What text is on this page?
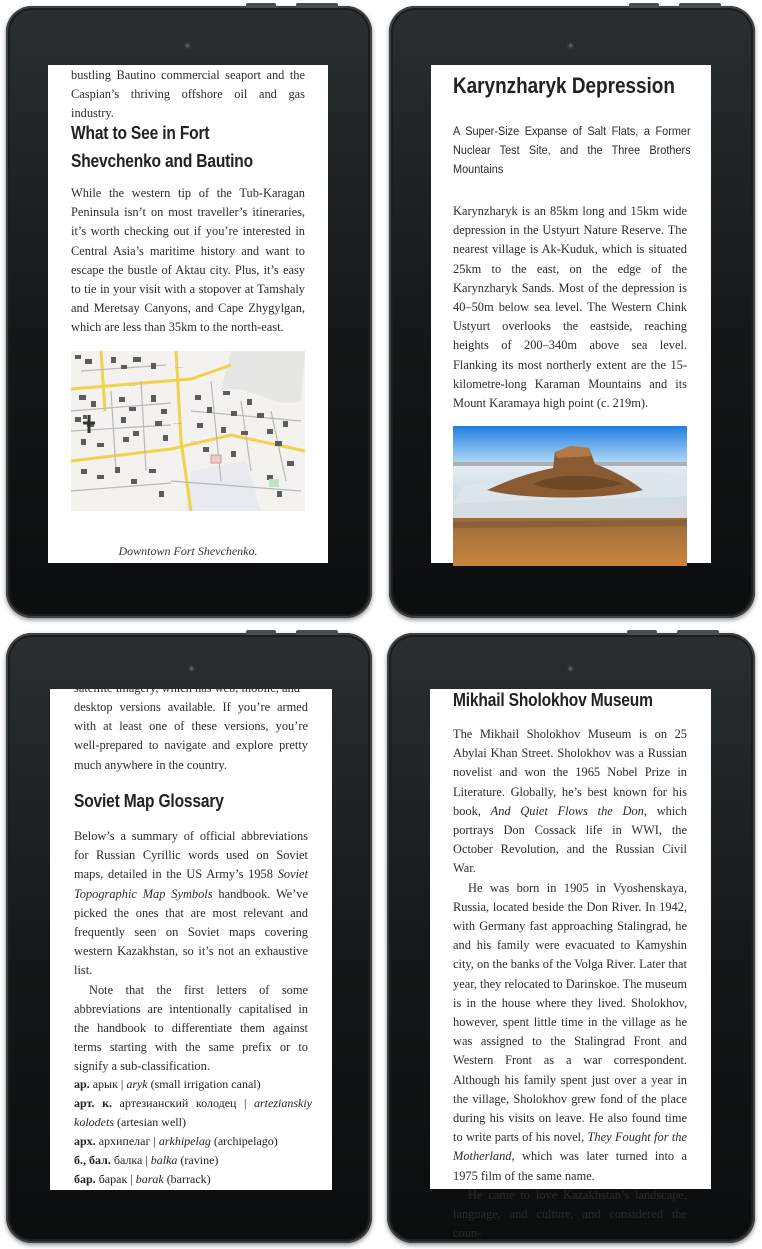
bustling Bautino commercial seaport and the Caspian’s thriving offshore oil and gas industry.

What to See in Fort Shevchenko and Bautino

While the western tip of the Tub-Karagan Peninsula isn’t on most traveller’s itineraries, it’s worth checking out if you’re interested in Central Asia’s maritime history and want to escape the bustle of Aktau city. Plus, it’s easy to tie in your visit with a stopover at Tamshaly and Meretsay Canyons, and Cape Zhygylgan, which are less than 35km to the north-east.

·····
····
·····
···
Downtown Fort Shevchenko.
Karynzharyk Depression

A Super-Size Expanse of Salt Flats, a Former Nuclear Test Site, and the Three Brothers Mountains

Karynzharyk is an 85km long and 15km wide depression in the Ustyurt Nature Reserve. The nearest village is Ak-Kuduk, which is situated 25km to the east, on the edge of the Karynzharyk Sands. Most of the depression is 40–50m below sea level. The Western Chink Ustyurt overlooks the eastside, reaching heights of 200–340m above sea level. Flanking its most northerly extent are the 15-kilometre-long Karaman Mountains and its Mount Karamaya high point (c. 219m).

satellite imagery, which has web, mobile, and

desktop versions available. If you’re armed with at least one of these versions, you’re well-prepared to navigate and explore pretty much anywhere in the country.

Soviet Map Glossary

Below’s a summary of official abbreviations for Russian Cyrillic words used on Soviet maps, detailed in the US Army’s 1958 Soviet Topographic Map Symbols handbook. We’ve picked the ones that are most relevant and frequently seen on Soviet maps covering western Kazakhstan, so it’s not an exhaustive list.

Note that the first letters of some abbreviations are intentionally capitalised in the handbook to differentiate them against terms starting with the same prefix or to signify a sub-classification.

ар. арык | aryk (small irrigation canal)
арт. к. артезианский колодец | artezianskiy kolodets (artesian well)
арх. архипелаг | arkhipelag (archipelago)
б., бал. балка | balka (ravine)
бар. барак | barak (barrack)
Mikhail Sholokhov Museum

The Mikhail Sholokhov Museum is on 25 Abylai Khan Street. Sholokhov was a Russian novelist and won the 1965 Nobel Prize in Literature. Globally, he’s best known for his book, And Quiet Flows the Don, which portrays Don Cossack life in WWI, the October Revolution, and the Russian Civil War.

He was born in 1905 in Vyoshenskaya, Russia, located beside the Don River. In 1942, with Germany fast approaching Stalingrad, he and his family were evacuated to Kamyshin city, on the banks of the Volga River. Later that year, they relocated to Darinskoe. The museum is in the house where they lived. Sholokhov, however, spent little time in the village as he was assigned to the Stalingrad Front and Western Front as a war correspondent. Although his family spent just over a year in the village, Sholokhov grew fond of the place during his visits on leave. He also found time to write parts of his novel, They Fought for the Motherland, which was later turned into a 1975 film of the same name.

He came to love Kazakhstan’s landscape, language, and culture, and considered the coun-
